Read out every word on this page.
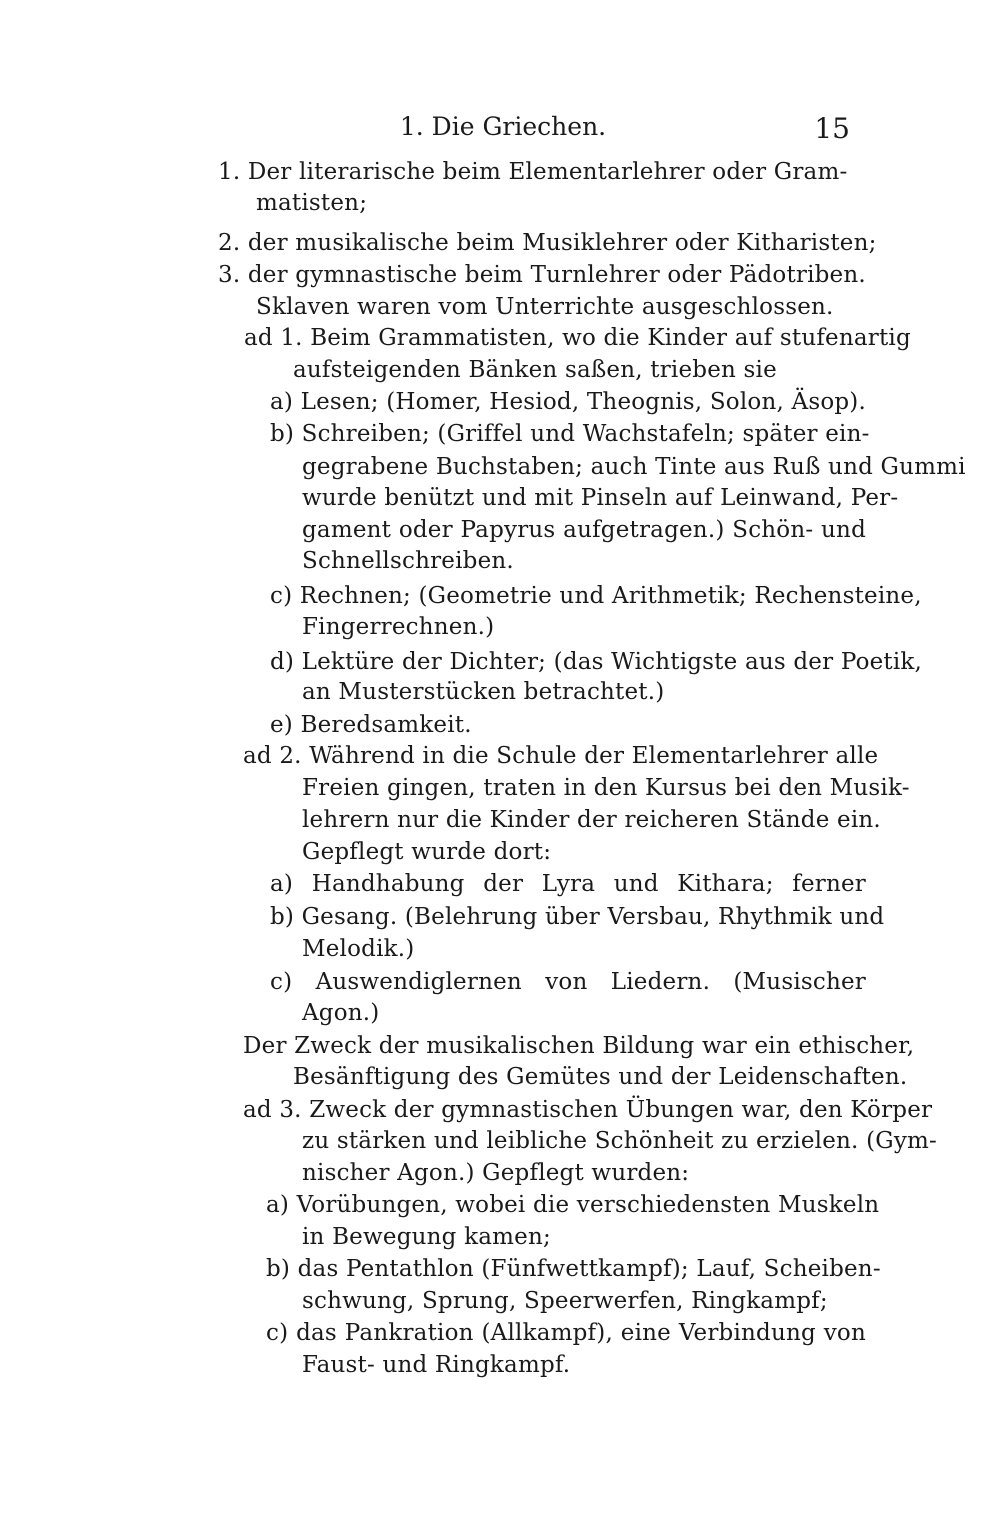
1. Die Griechen.	15
1. Der literarische beim Elementarlehrer oder Gram-
matisten;
2. der musikalische beim Musiklehrer oder Kitharisten;
3. der gymnastische beim Turnlehrer oder Pädotriben.
Sklaven waren vom Unterrichte ausgeschlossen.
ad 1. Beim Grammatisten, wo die Kinder auf stufenartig
aufsteigenden Bänken saßen, trieben sie
a) Lesen; (Homer, Hesiod, Theognis, Solon, Äsop).
b) Schreiben; (Griffel und Wachstafeln; später ein-
gegrabene Buchstaben; auch Tinte aus Ruß und Gummi
wurde benützt und mit Pinseln auf Leinwand, Per-
gament oder Papyrus aufgetragen.) Schön- und
Schnellschreiben.
c) Rechnen; (Geometrie und Arithmetik; Rechensteine,
Fingerrechnen.)
d) Lektüre der Dichter; (das Wichtigste aus der Poetik,
an Musterstücken betrachtet.)
e) Beredsamkeit.
ad 2. Während in die Schule der Elementarlehrer alle
Freien gingen, traten in den Kursus bei den Musik-
lehrern nur die Kinder der reicheren Stände ein.
Gepflegt wurde dort:
a) Handhabung der Lyra und Kithara; ferner
b) Gesang. (Belehrung über Versbau, Rhythmik und
Melodik.)
c) Auswendiglernen von Liedern. (Musischer
Agon.)
Der Zweck der musikalischen Bildung war ein ethischer,
Besänftigung des Gemütes und der Leidenschaften.
ad 3. Zweck der gymnastischen Übungen war, den Körper
zu stärken und leibliche Schönheit zu erzielen. (Gym-
nischer Agon.) Gepflegt wurden:
a) Vorübungen, wobei die verschiedensten Muskeln
in Bewegung kamen;
b) das Pentathlon (Fünfwettkampf); Lauf, Scheiben-
schwung, Sprung, Speerwerfen, Ringkampf;
c) das Pankration (Allkampf), eine Verbindung von
Faust- und Ringkampf.
